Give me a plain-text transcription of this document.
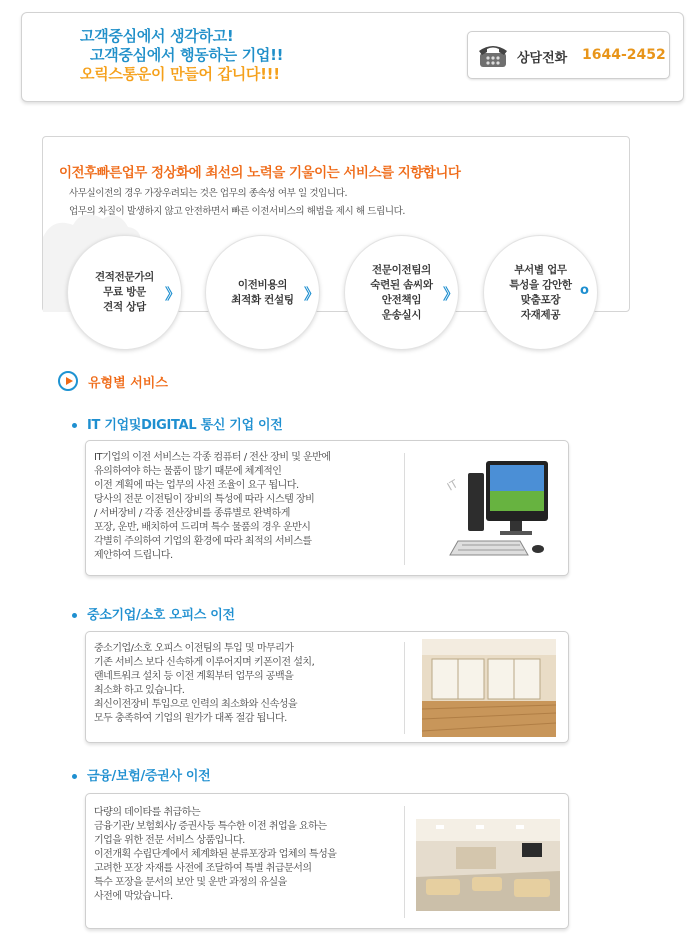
고객중심에서 생각하고!
고객중심에서 행동하는 기업!!
오릭스통운이 만들어 갑니다!!!
상담전화 1644-2452
이전후빠른업무 정상화에 최선의 노력을 기울이는 서비스를 지향합니다
사무실이전의 경우 가장우려되는 것은 업무의 종속성 여부 일 것입니다.
업무의 차질이 발생하지 않고 안전하면서 빠른 이전서비스의 해법을 제시 해 드립니다.
견적전문가의
무료 방문
견적 상담
》
이전비용의
최적화 컨설팅 》
전문이전팀의
숙련된 솜씨와
안전책임
운송실시
》
부서별 업무
특성을 감안한
맞춤포장
자재제공
o
유형별 서비스
IT 기업및DIGITAL 통신 기업 이전
IT기업의 이전 서비스는 각종 컴퓨터 / 전산 장비 및 운반에
유의하여야 하는 물품이 많기 때문에 체계적인
이전 계획에 따는 업무의 사전 조율이 요구 됩니다.
당사의 전문 이전팀이 장비의 특성에 따라 시스템 장비
/ 서버장비 / 각종 전산장비를 종류별로 완벽하게
포장, 운반, 배치하여 드리며 특수 물품의 경우 운반시
각별히 주의하여 기업의 환경에 따라 최적의 서비스를
제안하여 드립니다.
IT
중소기업/소호 오피스 이전
중소기업/소호 오피스 이전팀의 투입 및 마무리가
기존 서비스 보다 신속하게 이루어지며 키폰이전 설치,
랜네트워크 설치 등 이전 계획부터 업무의 공백을
최소화 하고 있습니다.
최신이전장비 투입으로 인력의 최소화와 신속성을
모두 충족하여 기업의 원가가 대폭 절감 됩니다.
금융/보험/증권사 이전
다량의 데이타를 취급하는
금융기관/ 보험회사/ 증권사등 특수한 이전 취업을 요하는
기업을 위한 전문 서비스 상품입니다.
이전개획 수립단계에서 체계화된 분류포장과 업체의 특성을
고려한 포장 자재를 사전에 조달하여 특별 취급문서의
특수 포장을 문서의 보안 및 운반 과정의 유실을
사전에 막았습니다.
